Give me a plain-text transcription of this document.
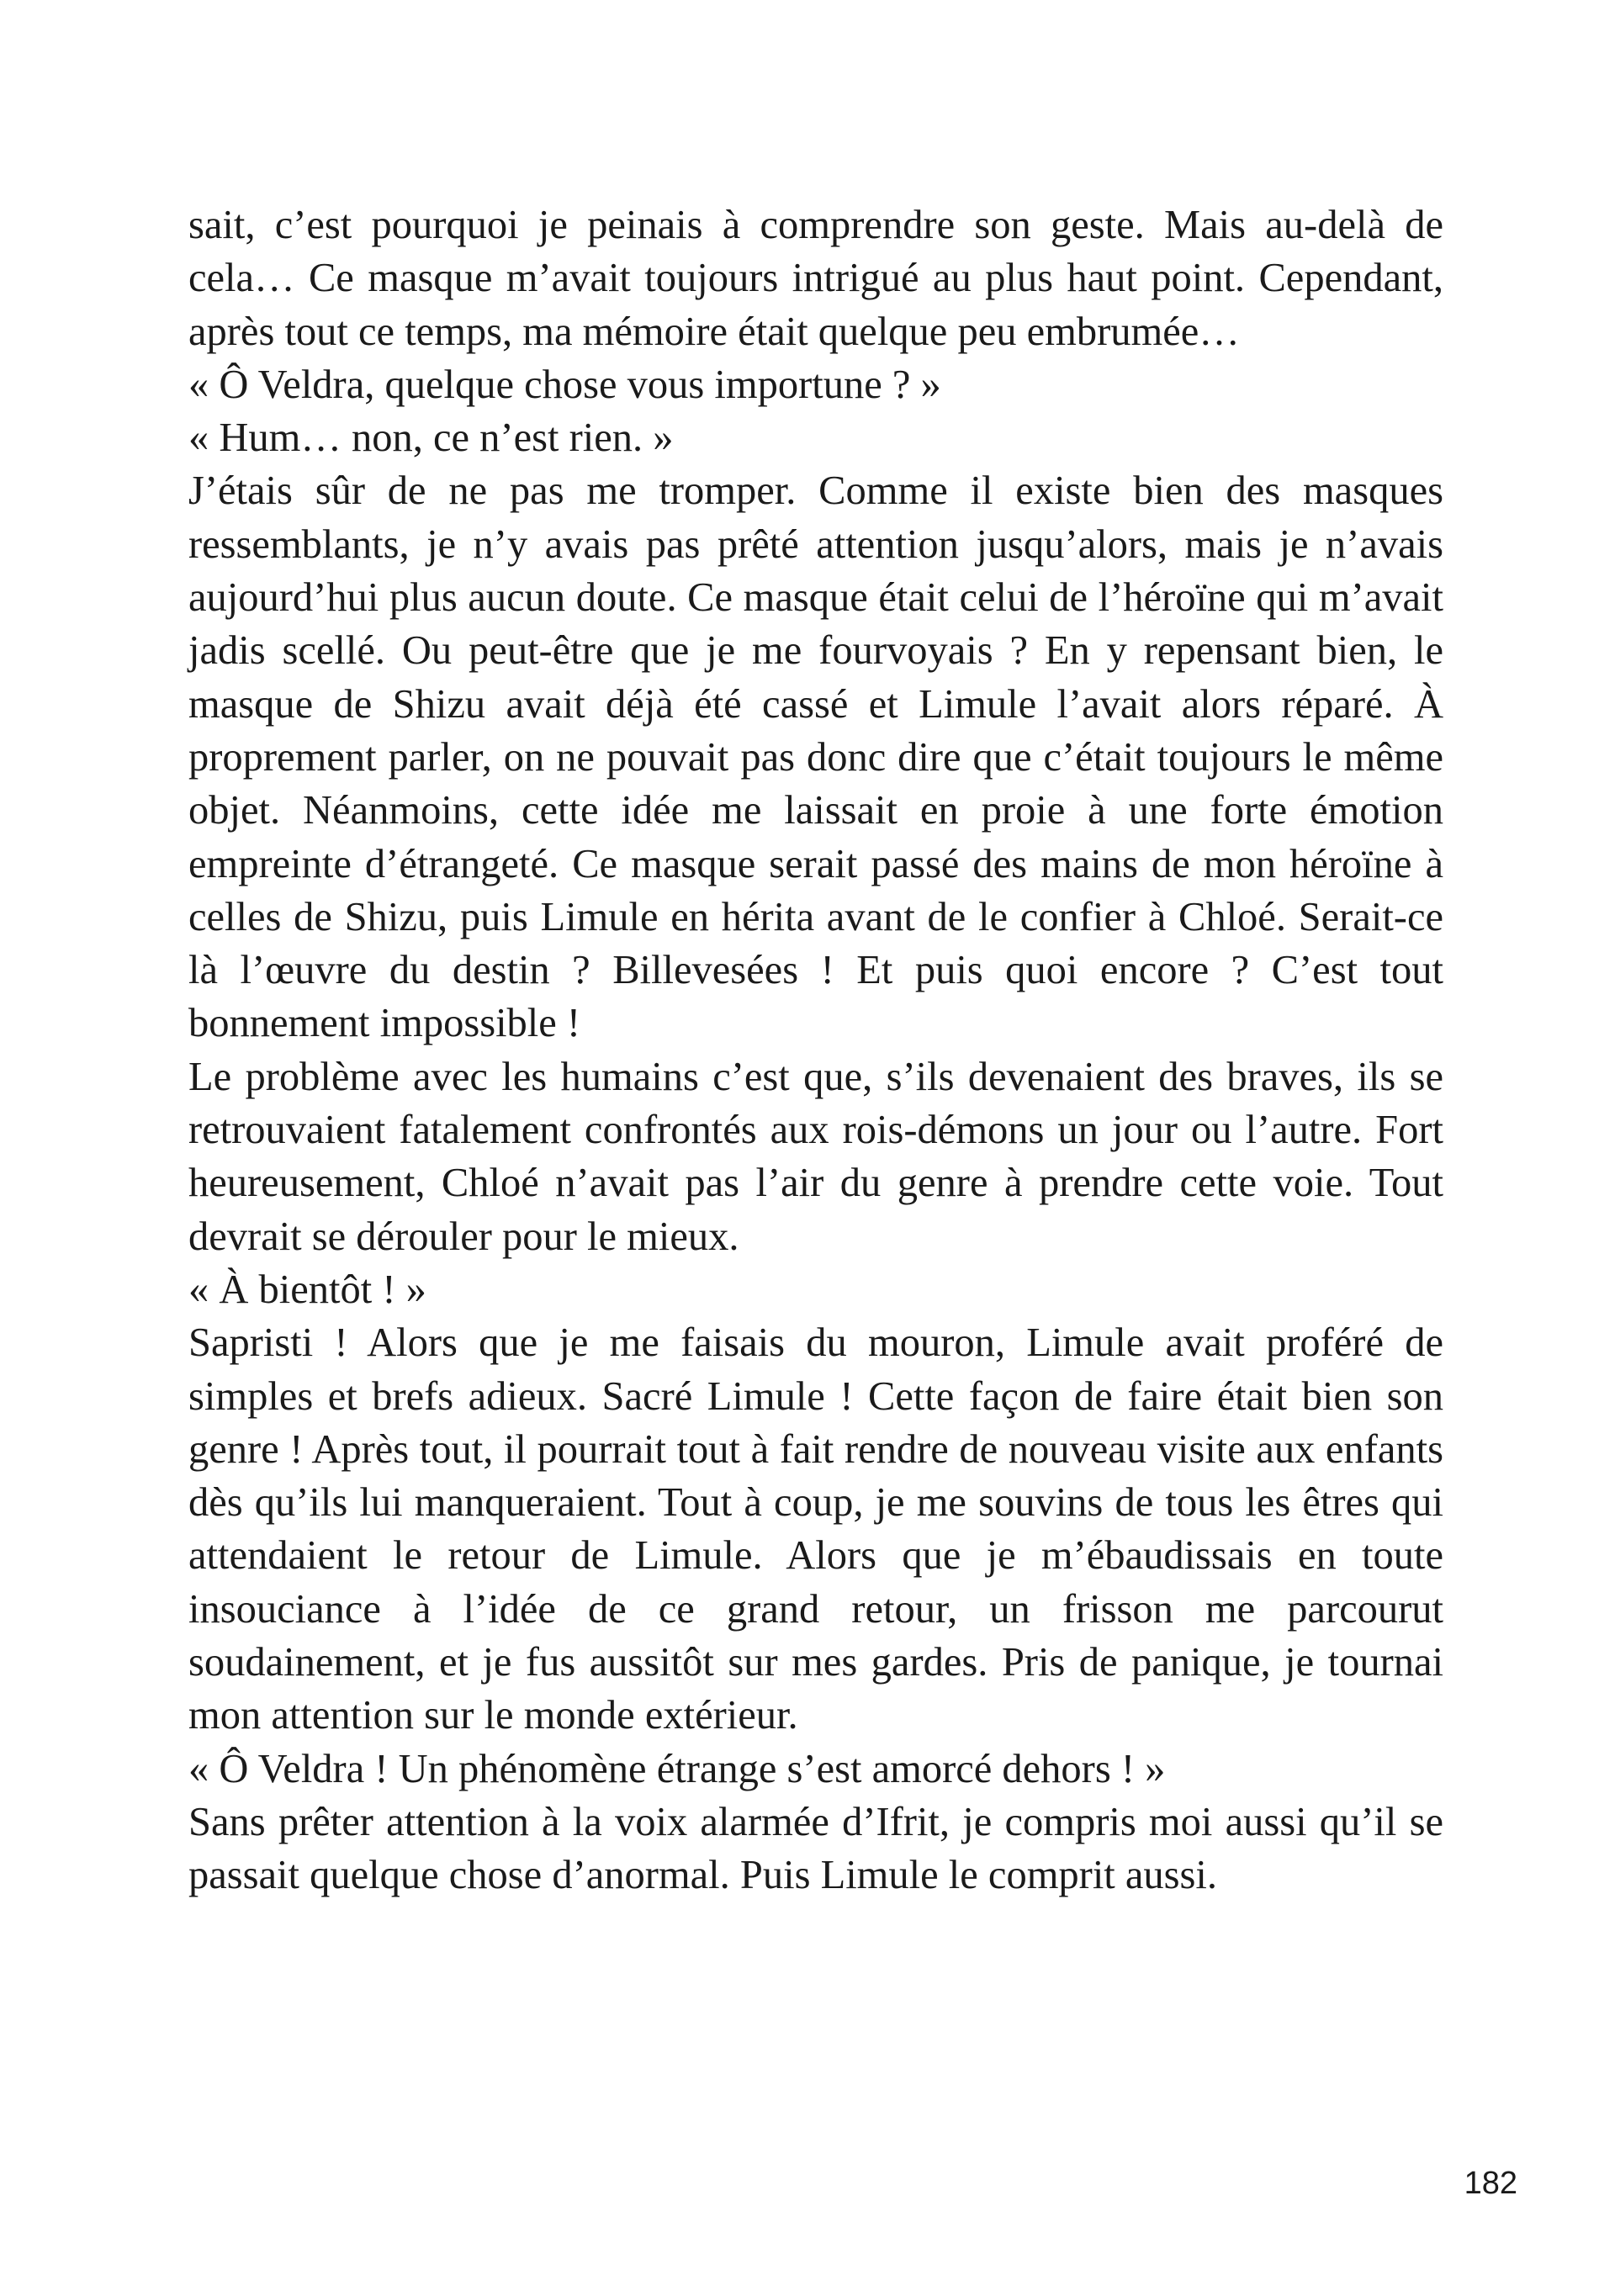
sait, c’est pourquoi je peinais à comprendre son geste. Mais au-delà de cela… Ce masque m’avait toujours intrigué au plus haut point. Cependant, après tout ce temps, ma mémoire était quelque peu embrumée…

« Ô Veldra, quelque chose vous importune ? »

« Hum… non, ce n’est rien. »

J’étais sûr de ne pas me tromper. Comme il existe bien des masques ressemblants, je n’y avais pas prêté attention jusqu’alors, mais je n’avais aujourd’hui plus aucun doute. Ce masque était celui de l’héroïne qui m’avait jadis scellé. Ou peut-être que je me fourvoyais ? En y repensant bien, le masque de Shizu avait déjà été cassé et Limule l’avait alors réparé. À proprement parler, on ne pouvait pas donc dire que c’était toujours le même objet. Néanmoins, cette idée me laissait en proie à une forte émotion empreinte d’étrangeté. Ce masque serait passé des mains de mon héroïne à celles de Shizu, puis Limule en hérita avant de le confier à Chloé. Serait-ce là l’œuvre du destin ? Billevesées ! Et puis quoi encore ? C’est tout bonnement impossible !

Le problème avec les humains c’est que, s’ils devenaient des braves, ils se retrouvaient fatalement confrontés aux rois-démons un jour ou l’autre. Fort heureusement, Chloé n’avait pas l’air du genre à prendre cette voie. Tout devrait se dérouler pour le mieux.

« À bientôt ! »

Sapristi ! Alors que je me faisais du mouron, Limule avait proféré de simples et brefs adieux. Sacré Limule ! Cette façon de faire était bien son genre ! Après tout, il pourrait tout à fait rendre de nouveau visite aux enfants dès qu’ils lui manqueraient. Tout à coup, je me souvins de tous les êtres qui attendaient le retour de Limule. Alors que je m’ébaudissais en toute insouciance à l’idée de ce grand retour, un frisson me parcourut soudainement, et je fus aussitôt sur mes gardes. Pris de panique, je tournai mon attention sur le monde extérieur.

« Ô Veldra ! Un phénomène étrange s’est amorcé dehors ! »

Sans prêter attention à la voix alarmée d’Ifrit, je compris moi aussi qu’il se passait quelque chose d’anormal. Puis Limule le comprit aussi.

182
